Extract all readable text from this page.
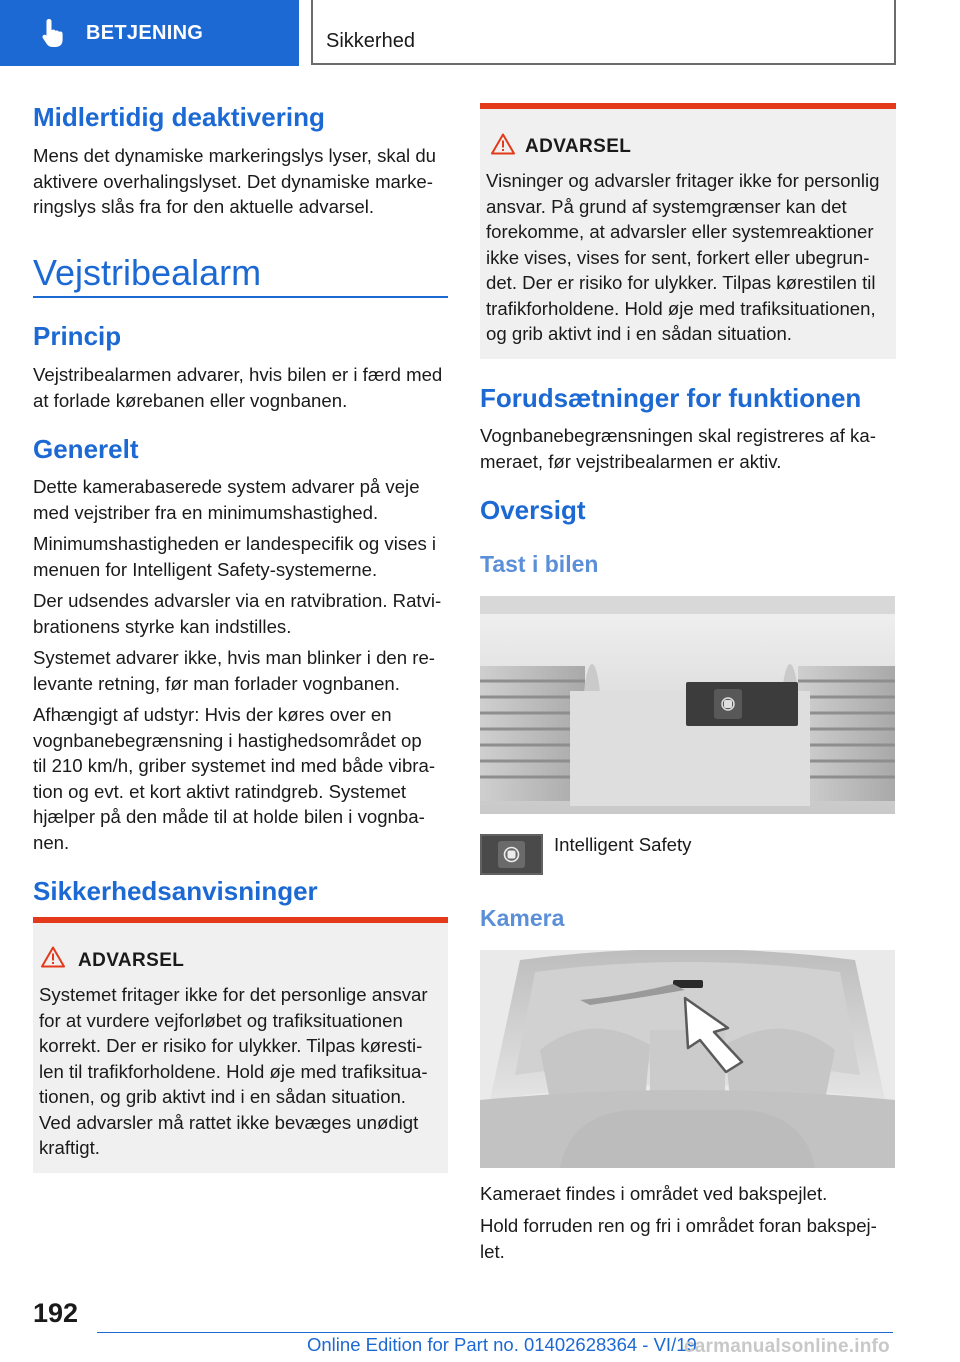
BETJENING	Sikkerhed
Midlertidig deaktivering
Mens det dynamiske markeringslys lyser, skal du
aktivere overhalingslyset. Det dynamiske marke-
ringslys slås fra for den aktuelle advarsel.
Vejstribealarm
Princip
Vejstribealarmen advarer, hvis bilen er i færd med
at forlade kørebanen eller vognbanen.
Generelt
Dette kamerabaserede system advarer på veje
med vejstriber fra en minimumshastighed.
Minimumshastigheden er landespecifik og vises i
menuen for Intelligent Safety-systemerne.
Der udsendes advarsler via en ratvibration. Ratvi-
brationens styrke kan indstilles.
Systemet advarer ikke, hvis man blinker i den re-
levante retning, før man forlader vognbanen.
Afhængigt af udstyr: Hvis der køres over en
vognbanebegrænsning i hastighedsområdet op
til 210 km/h, griber systemet ind med både vibra-
tion og evt. et kort aktivt ratindgreb. Systemet
hjælper på den måde til at holde bilen i vognba-
nen.
Sikkerhedsanvisninger
ADVARSEL
Systemet fritager ikke for det personlige ansvar
for at vurdere vejforløbet og trafiksituationen
korrekt. Der er risiko for ulykker. Tilpas køresti-
len til trafikforholdene. Hold øje med trafiksitua-
tionen, og grib aktivt ind i en sådan situation.
Ved advarsler må rattet ikke bevæges unødigt
kraftigt.
ADVARSEL
Visninger og advarsler fritager ikke for personlig
ansvar. På grund af systemgrænser kan det
forekomme, at advarsler eller systemreaktioner
ikke vises, vises for sent, forkert eller ubegrun-
det. Der er risiko for ulykker. Tilpas kørestilen til
trafikforholdene. Hold øje med trafiksituationen,
og grib aktivt ind i en sådan situation.
Forudsætninger for funktionen
Vognbanebegrænsningen skal registreres af ka-
meraet, før vejstribealarmen er aktiv.
Oversigt
Tast i bilen
Intelligent Safety
Kamera
Kameraet findes i området ved bakspejlet.
Hold forruden ren og fri i området foran bakspej-
let.
192
Online Edition for Part no. 01402628364 - VI/19
carmanualsonline.info
